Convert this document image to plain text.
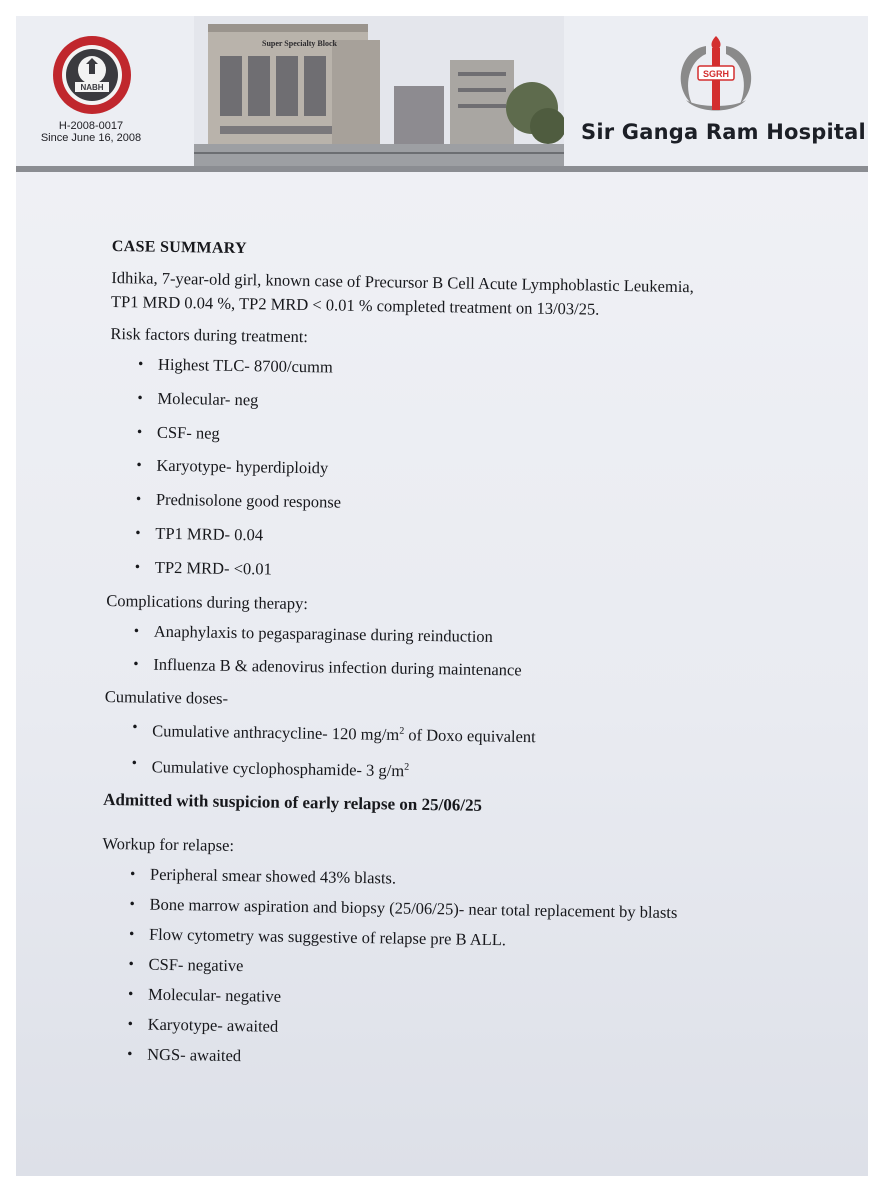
NABH
H-2008-0017
Since June 16, 2008
Super Specialty Block
SGRH
Sir Ganga Ram Hospital
CASE SUMMARY

Idhika, 7-year-old girl, known case of Precursor B Cell Acute Lymphoblastic Leukemia,

TP1 MRD 0.04 %, TP2 MRD < 0.01 % completed treatment on 13/03/25.

Risk factors during treatment:
• Highest TLC- 8700/cumm
• Molecular- neg
• CSF- neg
• Karyotype- hyperdiploidy
• Prednisolone good response
• TP1 MRD- 0.04
• TP2 MRD- <0.01
Complications during therapy:
• Anaphylaxis to pegasparaginase during reinduction
• Influenza B & adenovirus infection during maintenance
Cumulative doses-
• Cumulative anthracycline- 120 $mg/m^2$ of Doxo equivalent
• Cumulative cyclophosphamide- 3 $g/m^2$
Admitted with suspicion of early relapse on 25/06/25
Workup for relapse:
• Peripheral smear showed 43% blasts.
• Bone marrow aspiration and biopsy (25/06/25)- near total replacement by blasts
• Flow cytometry was suggestive of relapse pre B ALL.
• CSF- negative
• Molecular- negative
• Karyotype- awaited
• NGS- awaited
